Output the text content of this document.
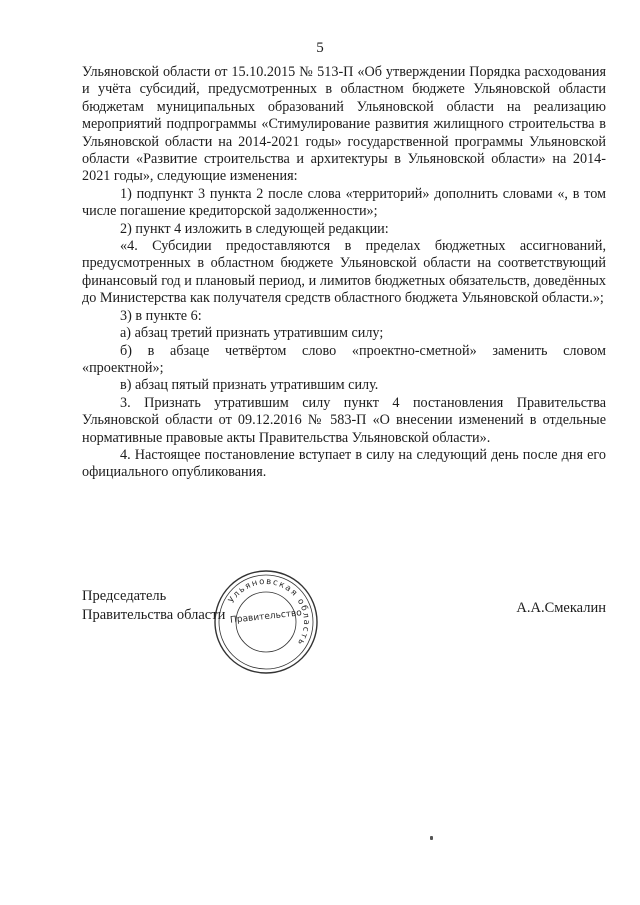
5

Ульяновской области от 15.10.2015 № 513-П «Об утверждении Порядка расходования и учёта субсидий, предусмотренных в областном бюджете Ульяновской области бюджетам муниципальных образований Ульяновской области на реализацию мероприятий подпрограммы «Стимулирование развития жилищного строительства в Ульяновской области на 2014-2021 годы» государственной программы Ульяновской области «Развитие строительства и архитектуры в Ульяновской области» на 2014-2021 годы», следующие изменения:

1) подпункт 3 пункта 2 после слова «территорий» дополнить словами «, в том числе погашение кредиторской задолженности»;

2) пункт 4 изложить в следующей редакции:

«4. Субсидии предоставляются в пределах бюджетных ассигнований, предусмотренных в областном бюджете Ульяновской области на соответствующий финансовый год и плановый период, и лимитов бюджетных обязательств, доведённых до Министерства как получателя средств областного бюджета Ульяновской области.»;

3) в пункте 6:

а) абзац третий признать утратившим силу;

б) в абзаце четвёртом слово «проектно-сметной» заменить словом «проектной»;

в) абзац пятый признать утратившим силу.

3. Признать утратившим силу пункт 4 постановления Правительства Ульяновской области от 09.12.2016 № 583-П «О внесении изменений в отдельные нормативные правовые акты Правительства Ульяновской области».

4. Настоящее постановление вступает в силу на следующий день после дня его официального опубликования.

Председатель
Правительства области
Ульяновская область
Правительство
А.А.Смекалин
